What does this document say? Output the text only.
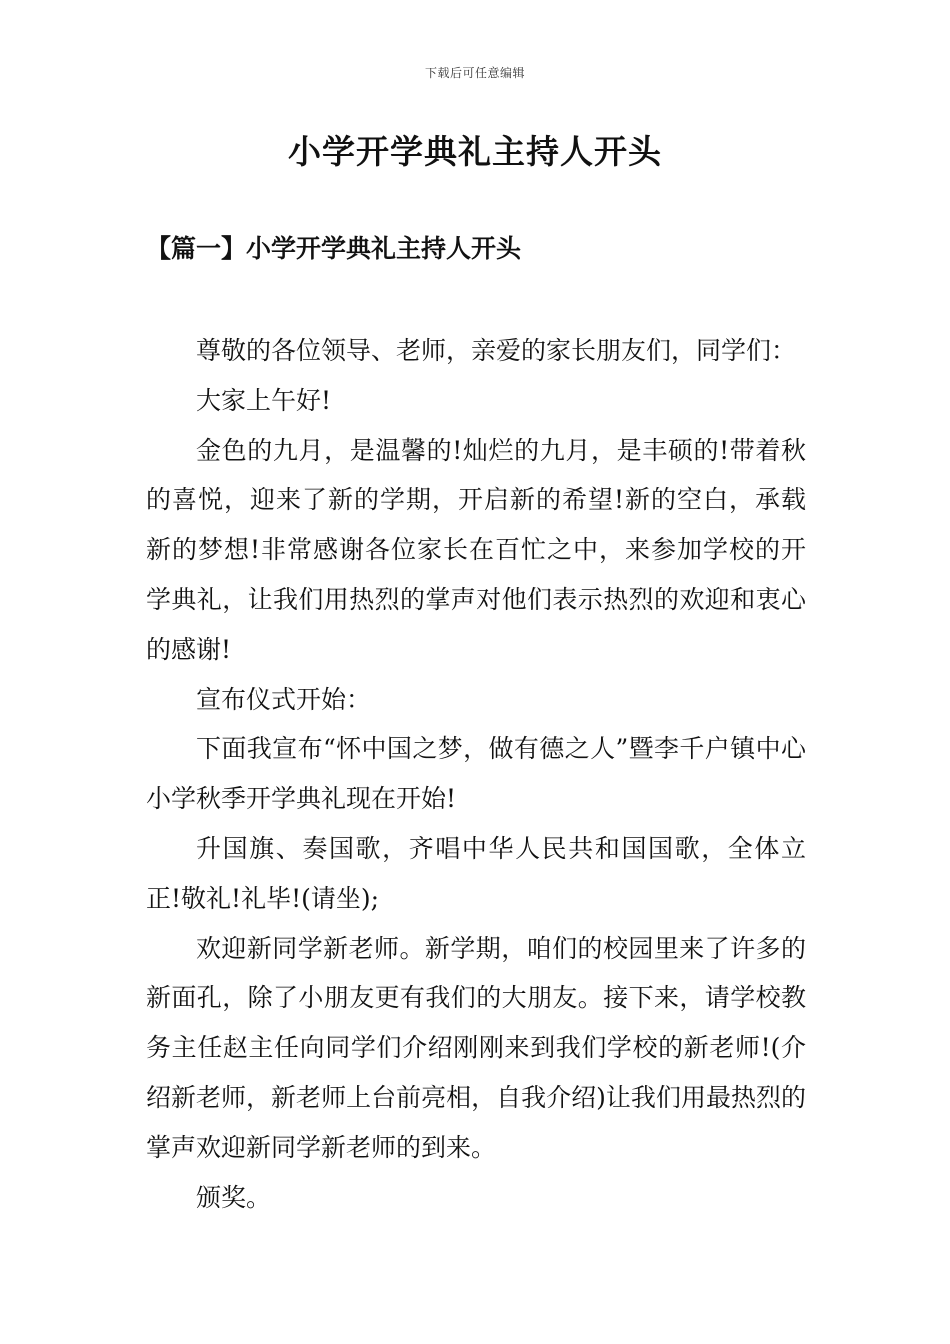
下载后可任意编辑
小学开学典礼主持人开头
【篇一】小学开学典礼主持人开头

尊敬的各位领导、老师，亲爱的家长朋友们，同学们：

大家上午好!

金色的九月，是温馨的!灿烂的九月，是丰硕的!带着秋的喜悦，迎来了新的学期，开启新的希望!新的空白，承载新的梦想!非常感谢各位家长在百忙之中，来参加学校的开学典礼，让我们用热烈的掌声对他们表示热烈的欢迎和衷心的感谢!

宣布仪式开始：

下面我宣布“怀中国之梦，做有德之人”暨李千户镇中心小学秋季开学典礼现在开始!

升国旗、奏国歌，齐唱中华人民共和国国歌，全体立正!敬礼!礼毕!(请坐);

欢迎新同学新老师。新学期，咱们的校园里来了许多的新面孔，除了小朋友更有我们的大朋友。接下来，请学校教务主任赵主任向同学们介绍刚刚来到我们学校的新老师!(介绍新老师，新老师上台前亮相，自我介绍)让我们用最热烈的掌声欢迎新同学新老师的到来。

颁奖。
